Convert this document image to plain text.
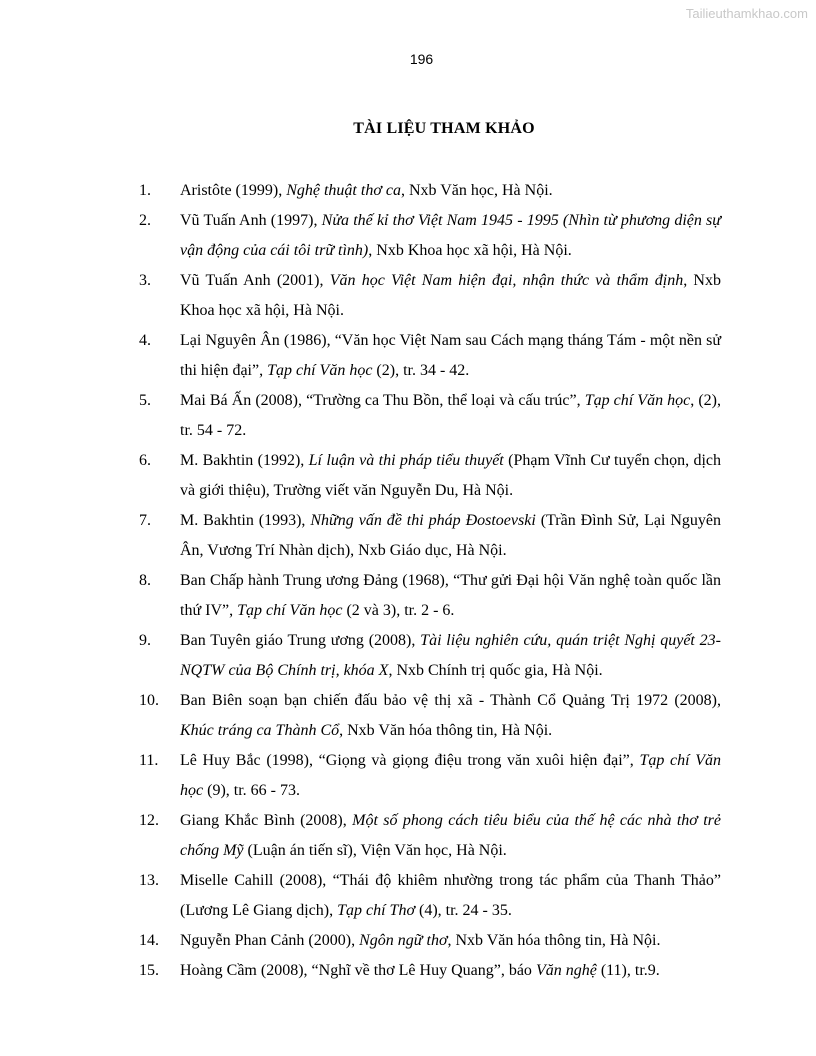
Tailieuthamkhao.com
196
TÀI LIỆU THAM KHẢO
1. Aristôte (1999), Nghệ thuật thơ ca, Nxb Văn học, Hà Nội.
2. Vũ Tuấn Anh (1997), Nửa thế kỉ thơ Việt Nam 1945 - 1995 (Nhìn từ phương diện sự vận động của cái tôi trữ tình), Nxb Khoa học xã hội, Hà Nội.
3. Vũ Tuấn Anh (2001), Văn học Việt Nam hiện đại, nhận thức và thẩm định, Nxb Khoa học xã hội, Hà Nội.
4. Lại Nguyên Ân (1986), “Văn học Việt Nam sau Cách mạng tháng Tám - một nền sử thi hiện đại”, Tạp chí Văn học (2), tr. 34 - 42.
5. Mai Bá Ấn (2008), “Trường ca Thu Bồn, thể loại và cấu trúc”, Tạp chí Văn học, (2), tr. 54 - 72.
6. M. Bakhtin (1992), Lí luận và thi pháp tiểu thuyết (Phạm Vĩnh Cư tuyển chọn, dịch và giới thiệu), Trường viết văn Nguyễn Du, Hà Nội.
7. M. Bakhtin (1993), Những vấn đề thi pháp Đostoevski (Trần Đình Sử, Lại Nguyên Ân, Vương Trí Nhàn dịch), Nxb Giáo dục, Hà Nội.
8. Ban Chấp hành Trung ương Đảng (1968), “Thư gửi Đại hội Văn nghệ toàn quốc lần thứ IV”, Tạp chí Văn học (2 và 3), tr. 2 - 6.
9. Ban Tuyên giáo Trung ương (2008), Tài liệu nghiên cứu, quán triệt Nghị quyết 23-NQTW của Bộ Chính trị, khóa X, Nxb Chính trị quốc gia, Hà Nội.
10. Ban Biên soạn bạn chiến đấu bảo vệ thị xã - Thành Cổ Quảng Trị 1972 (2008), Khúc tráng ca Thành Cổ, Nxb Văn hóa thông tin, Hà Nội.
11. Lê Huy Bắc (1998), “Giọng và giọng điệu trong văn xuôi hiện đại”, Tạp chí Văn học (9), tr. 66 - 73.
12. Giang Khắc Bình (2008), Một số phong cách tiêu biểu của thế hệ các nhà thơ trẻ chống Mỹ (Luận án tiến sĩ), Viện Văn học, Hà Nội.
13. Miselle Cahill (2008), “Thái độ khiêm nhường trong tác phẩm của Thanh Thảo” (Lương Lê Giang dịch), Tạp chí Thơ (4), tr. 24 - 35.
14. Nguyễn Phan Cảnh (2000), Ngôn ngữ thơ, Nxb Văn hóa thông tin, Hà Nội.
15. Hoàng Cầm (2008), “Nghĩ về thơ Lê Huy Quang”, báo Văn nghệ (11), tr.9.
